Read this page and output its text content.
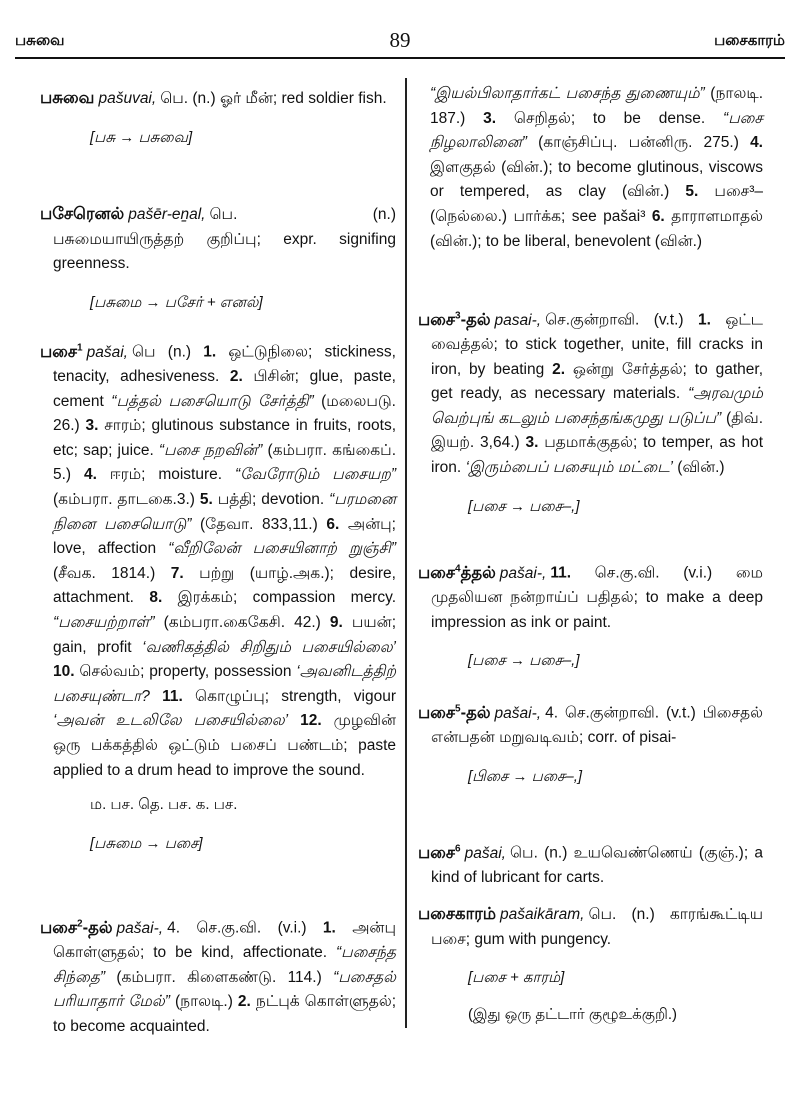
பசுவை	89	பசைகாரம்
பசுவை pašuvai, பெ. (n.) ஓர் மீன்; red soldier fish.
[பசு → பசுவை]
பசேரெனல் pašēr-eṉal, பெ. (n.) பசுமையாயிருத்தற் குறிப்பு; expr. signifing greenness.
[பசுமை → பசேர் + எனல்]
பசை$^1$ pašai, பெ (n.) 1. ஒட்டுநிலை; stickiness, tenacity, adhesiveness. 2. பிசின்; glue, paste, cement “பத்தல் பசையொடு சேர்த்தி” (மலைபடு. 26.) 3. சாரம்; glutinous substance in fruits, roots, etc; sap; juice. “பசை நறவின்” (கம்பரா. கங்கைப். 5.) 4. ஈரம்; moisture. “வேரோடும் பசையற” (கம்பரா. தாடகை.3.) 5. பத்தி; devotion. “பரமனை நினை பசையொடு” (தேவா. 833,11.) 6. அன்பு; love, affection “வீறிலேன் பசையினாற் றுஞ்சி” (சீவக. 1814.) 7. பற்று (யாழ்.அக.); desire, attachment. 8. இரக்கம்; compassion mercy. “பசையற்றாள்” (கம்பரா.கைகேசி. 42.) 9. பயன்; gain, profit ‘வணிகத்தில் சிறிதும் பசையில்லை’ 10. செல்வம்; property, possession ‘அவனிடத்திற் பசையுண்டா? 11. கொழுப்பு; strength, vigour ‘அவன் உடலிலே பசையில்லை’ 12. முழவின் ஒரு பக்கத்தில் ஒட்டும் பசைப் பண்டம்; paste applied to a drum head to improve the sound.
ம. பச. தெ. பச. க. பச.
[பசுமை → பசை]
பசை$^2$-தல் pašai-, 4. செ.கு.வி. (v.i.) 1. அன்பு கொள்ளுதல்; to be kind, affectionate. “பசைந்த சிந்தை” (கம்பரா. கிளைகண்டு. 114.) “பசைதல் பரியாதார் மேல்” (நாலடி.) 2. நட்புக் கொள்ளுதல்; to become acquainted.
“இயல்பிலாதார்கட் பசைந்த துணையும்” (நாலடி. 187.) 3. செறிதல்; to be dense. “பசை நிழலாலினை” (காஞ்சிப்பு. பன்னிரு. 275.) 4. இளகுதல் (வின்.); to become glutinous, viscows or tempered, as clay (வின்.) 5. பசை³–(நெல்லை.) பார்க்க; see pašai³ 6. தாராளமாதல் (வின்.); to be liberal, benevolent (வின்.)
பசை$^3$-தல் pasai-, செ.குன்றாவி. (v.t.) 1. ஒட்ட வைத்தல்; to stick together, unite, fill cracks in iron, by beating 2. ஒன்று சேர்த்தல்; to gather, get ready, as necessary materials. “அரவமும் வெற்புங் கடலும் பசைந்தங்கமுது படுப்ப” (திவ். இயற். 3,64.) 3. பதமாக்குதல்; to temper, as hot iron. ‘இரும்பைப் பசையும் மட்டை’ (வின்.)
[பசை → பசை–,]
பசை$^4$த்தல் pašai-, 11. செ.கு.வி. (v.i.) மை முதலியன நன்றாய்ப் பதிதல்; to make a deep impression as ink or paint.
[பசை → பசை–,]
பசை$^5$-தல் pašai-, 4. செ.குன்றாவி. (v.t.) பிசைதல் என்பதன் மறுவடிவம்; corr. of pisai-
[பிசை → பசை–,]
பசை$^6$ pašai, பெ. (n.) உயவெண்ணெய் (குஞ்.); a kind of lubricant for carts.
பசைகாரம் pašaikāram, பெ. (n.) காரங்கூட்டிய பசை; gum with pungency.
[பசை + காரம்]
(இது ஒரு தட்டார் குழூஉக்குறி.)
